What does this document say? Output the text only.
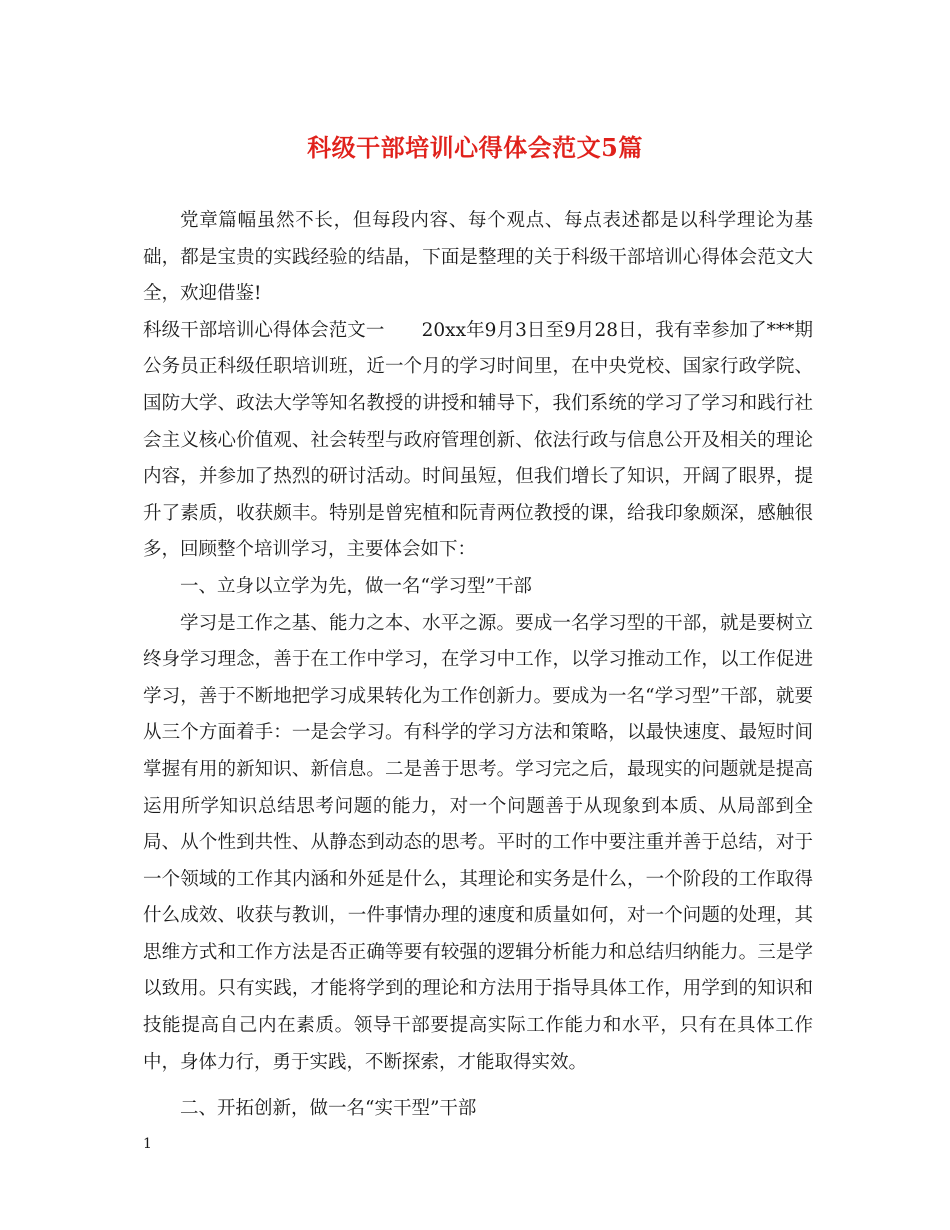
科级干部培训心得体会范文5篇

党章篇幅虽然不长，但每段内容、每个观点、每点表述都是以科学理论为基础，都是宝贵的实践经验的结晶，下面是整理的关于科级干部培训心得体会范文大全，欢迎借鉴!

科级干部培训心得体会范文一　　20xx年9月3日至9月28日，我有幸参加了***期公务员正科级任职培训班，近一个月的学习时间里，在中央党校、国家行政学院、国防大学、政法大学等知名教授的讲授和辅导下，我们系统的学习了学习和践行社会主义核心价值观、社会转型与政府管理创新、依法行政与信息公开及相关的理论内容，并参加了热烈的研讨活动。时间虽短，但我们增长了知识，开阔了眼界，提升了素质，收获颇丰。特别是曾宪植和阮青两位教授的课，给我印象颇深，感触很多，回顾整个培训学习，主要体会如下：

一、立身以立学为先，做一名“学习型”干部

学习是工作之基、能力之本、水平之源。要成一名学习型的干部，就是要树立终身学习理念，善于在工作中学习，在学习中工作，以学习推动工作，以工作促进学习，善于不断地把学习成果转化为工作创新力。要成为一名“学习型”干部，就要从三个方面着手：一是会学习。有科学的学习方法和策略，以最快速度、最短时间掌握有用的新知识、新信息。二是善于思考。学习完之后，最现实的问题就是提高运用所学知识总结思考问题的能力，对一个问题善于从现象到本质、从局部到全局、从个性到共性、从静态到动态的思考。平时的工作中要注重并善于总结，对于一个领域的工作其内涵和外延是什么，其理论和实务是什么，一个阶段的工作取得什么成效、收获与教训，一件事情办理的速度和质量如何，对一个问题的处理，其思维方式和工作方法是否正确等要有较强的逻辑分析能力和总结归纳能力。三是学以致用。只有实践，才能将学到的理论和方法用于指导具体工作，用学到的知识和技能提高自己内在素质。领导干部要提高实际工作能力和水平，只有在具体工作中，身体力行，勇于实践，不断探索，才能取得实效。

二、开拓创新，做一名“实干型”干部

1
